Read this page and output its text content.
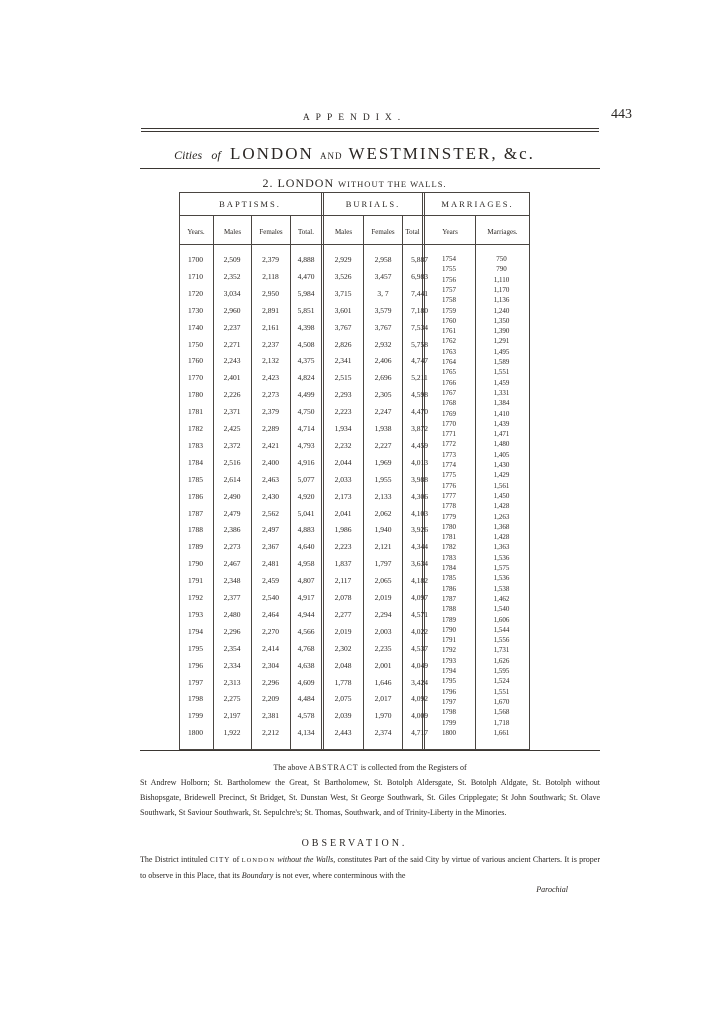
APPENDIX.	443
Cities of LONDON AND WESTMINSTER, &c.
2. LONDON WITHOUT THE WALLS.
BAPTISMS.	BURIALS.	MARRIAGES.
Years.	Males	Females	Total.	Males	Females	Total	Years	Marriages.
1700	2,509	2,379	4,888	2,929	2,958	5,887
1710	2,352	2,118	4,470	3,526	3,457	6,983
1720	3,034	2,950	5,984	3,715	3, 7	7,441
1730	2,960	2,891	5,851	3,601	3,579	7,180
1740	2,237	2,161	4,398	3,767	3,767	7,534
1750	2,271	2,237	4,508	2,826	2,932	5,758
1760	2,243	2,132	4,375	2,341	2,406	4,747
1770	2,401	2,423	4,824	2,515	2,696	5,211
1780	2,226	2,273	4,499	2,293	2,305	4,598
1781	2,371	2,379	4,750	2,223	2,247	4,470
1782	2,425	2,289	4,714	1,934	1,938	3,872
1783	2,372	2,421	4,793	2,232	2,227	4,459
1784	2,516	2,400	4,916	2,044	1,969	4,013
1785	2,614	2,463	5,077	2,033	1,955	3,988
1786	2,490	2,430	4,920	2,173	2,133	4,306
1787	2,479	2,562	5,041	2,041	2,062	4,103
1788	2,386	2,497	4,883	1,986	1,940	3,926
1789	2,273	2,367	4,640	2,223	2,121	4,344
1790	2,467	2,481	4,958	1,837	1,797	3,634
1791	2,348	2,459	4,807	2,117	2,065	4,182
1792	2,377	2,540	4,917	2,078	2,019	4,097
1793	2,480	2,464	4,944	2,277	2,294	4,571
1794	2,296	2,270	4,566	2,019	2,003	4,022
1795	2,354	2,414	4,768	2,302	2,235	4,537
1796	2,334	2,304	4,638	2,048	2,001	4,049
1797	2,313	2,296	4,609	1,778	1,646	3,424
1798	2,275	2,209	4,484	2,075	2,017	4,092
1799	2,197	2,381	4,578	2,039	1,970	4,009
1800	1,922	2,212	4,134	2,443	2,374	4,717
1754	750
1755	790
1756	1,110
1757	1,170
1758	1,136
1759	1,240
1760	1,350
1761	1,390
1762	1,291
1763	1,495
1764	1,589
1765	1,551
1766	1,459
1767	1,331
1768	1,384
1769	1,410
1770	1,439
1771	1,471
1772	1,480
1773	1,405
1774	1,430
1775	1,429
1776	1,561
1777	1,450
1778	1,428
1779	1,263
1780	1,368
1781	1,428
1782	1,363
1783	1,536
1784	1,575
1785	1,536
1786	1,538
1787	1,462
1788	1,540
1789	1,606
1790	1,544
1791	1,556
1792	1,731
1793	1,626
1794	1,595
1795	1,524
1796	1,551
1797	1,670
1798	1,568
1799	1,718
1800	1,661
The above ABSTRACT is collected from the Registers of
St Andrew Holborn; St. Bartholomew the Great, St Bartholomew, St. Botolph Aldersgate, St. Botolph Aldgate, St. Botolph without Bishopsgate, Bridewell Precinct, St Bridget, St. Dunstan West, St George Southwark, St. Giles Cripplegate; St John Southwark; St. Olave Southwark, St Saviour Southwark, St. Sepulchre's; St. Thomas, Southwark, and of Trinity-Liberty in the Minories.
OBSERVATION.
The District intituled CITY of LONDON without the Walls, constitutes Part of the said City by virtue of various ancient Charters. It is proper to observe in this Place, that its Boundary is not ever, where conterminous with the
Parochial
